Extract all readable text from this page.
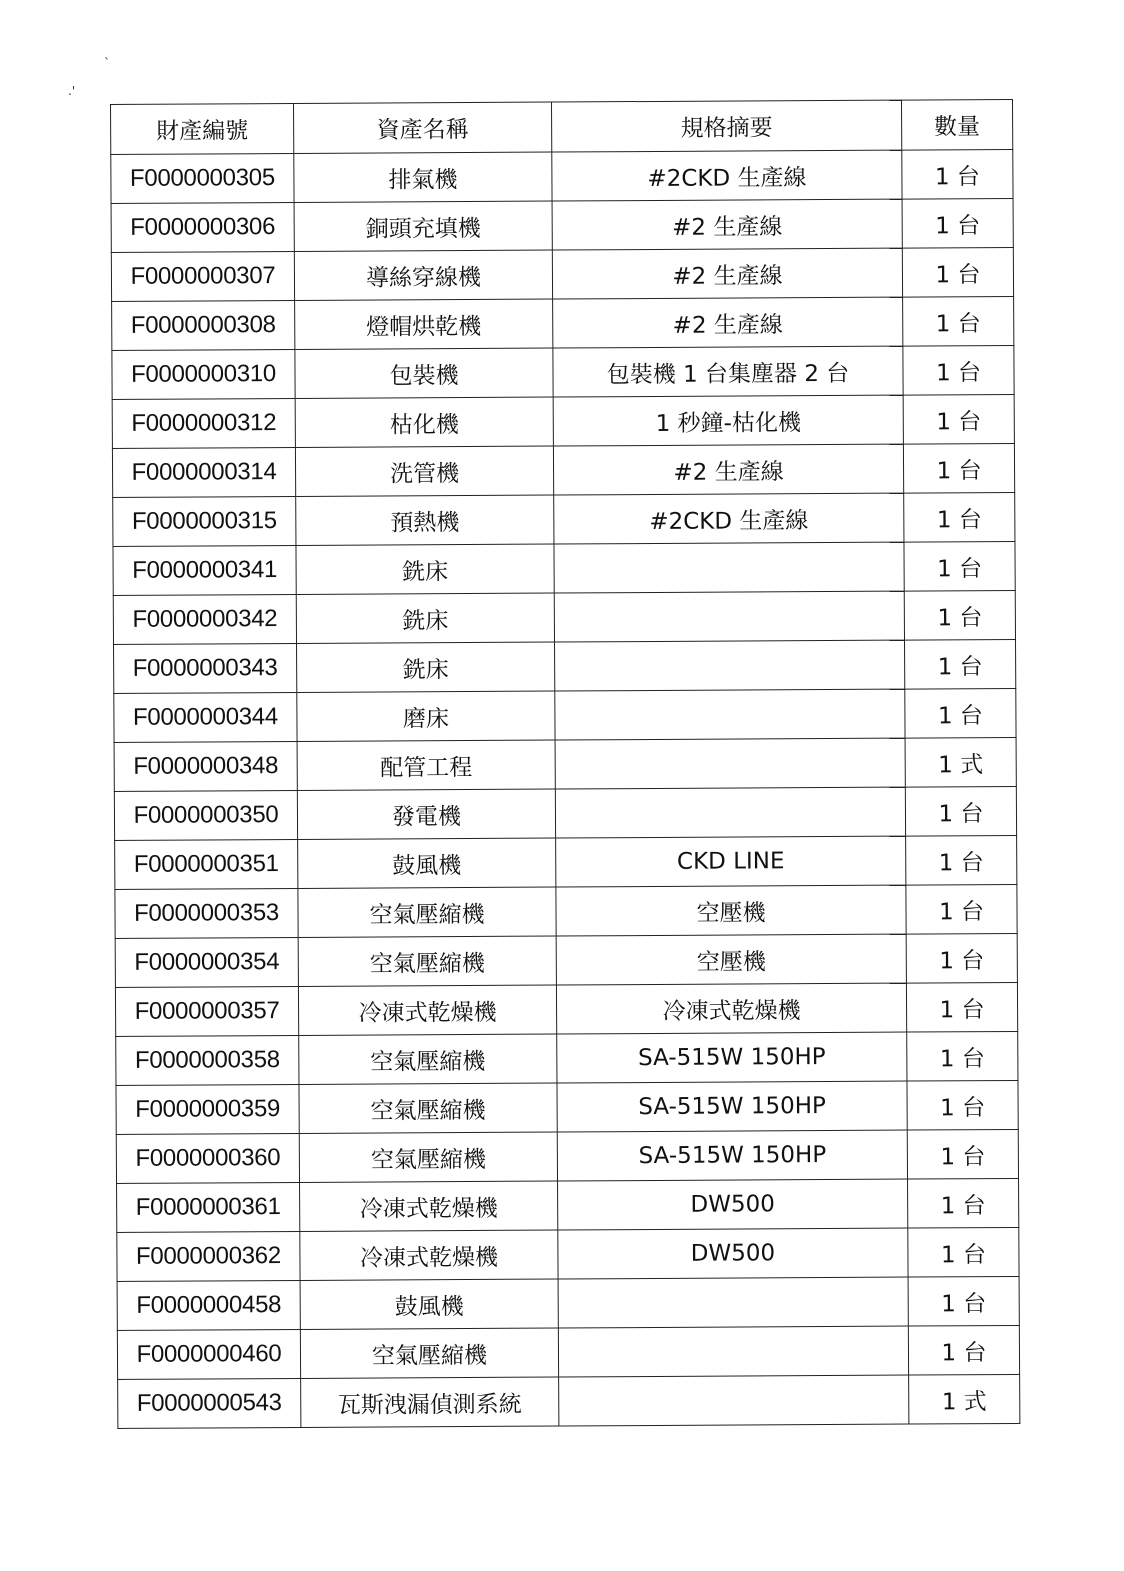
`
.'
財產編號	資產名稱	規格摘要	數量
F0000000305	排氣機	#2CKD 生產線	1 台
F0000000306	銅頭充填機	#2 生產線	1 台
F0000000307	導絲穿線機	#2 生產線	1 台
F0000000308	燈帽烘乾機	#2 生產線	1 台
F0000000310	包裝機	包裝機 1 台集塵器 2 台	1 台
F0000000312	枯化機	1 秒鐘-枯化機	1 台
F0000000314	洗管機	#2 生產線	1 台
F0000000315	預熱機	#2CKD 生產線	1 台
F0000000341	銑床		1 台
F0000000342	銑床		1 台
F0000000343	銑床		1 台
F0000000344	磨床		1 台
F0000000348	配管工程		1 式
F0000000350	發電機		1 台
F0000000351	鼓風機	CKD LINE	1 台
F0000000353	空氣壓縮機	空壓機	1 台
F0000000354	空氣壓縮機	空壓機	1 台
F0000000357	冷凍式乾燥機	冷凍式乾燥機	1 台
F0000000358	空氣壓縮機	SA-515W 150HP	1 台
F0000000359	空氣壓縮機	SA-515W 150HP	1 台
F0000000360	空氣壓縮機	SA-515W 150HP	1 台
F0000000361	冷凍式乾燥機	DW500	1 台
F0000000362	冷凍式乾燥機	DW500	1 台
F0000000458	鼓風機		1 台
F0000000460	空氣壓縮機		1 台
F0000000543	瓦斯洩漏偵測系統		1 式
